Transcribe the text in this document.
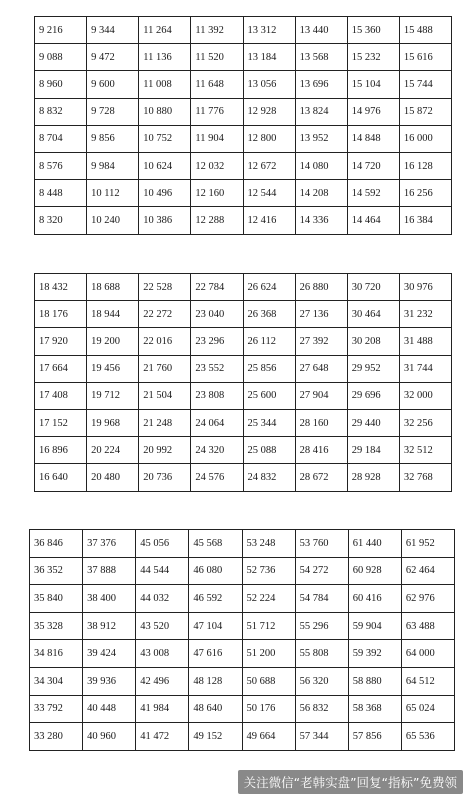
9 216	9 344	11 264	11 392	13 312	13 440	15 360	15 488
9 088	9 472	11 136	11 520	13 184	13 568	15 232	15 616
8 960	9 600	11 008	11 648	13 056	13 696	15 104	15 744
8 832	9 728	10 880	11 776	12 928	13 824	14 976	15 872
8 704	9 856	10 752	11 904	12 800	13 952	14 848	16 000
8 576	9 984	10 624	12 032	12 672	14 080	14 720	16 128
8 448	10 112	10 496	12 160	12 544	14 208	14 592	16 256
8 320	10 240	10 386	12 288	12 416	14 336	14 464	16 384
18 432	18 688	22 528	22 784	26 624	26 880	30 720	30 976
18 176	18 944	22 272	23 040	26 368	27 136	30 464	31 232
17 920	19 200	22 016	23 296	26 112	27 392	30 208	31 488
17 664	19 456	21 760	23 552	25 856	27 648	29 952	31 744
17 408	19 712	21 504	23 808	25 600	27 904	29 696	32 000
17 152	19 968	21 248	24 064	25 344	28 160	29 440	32 256
16 896	20 224	20 992	24 320	25 088	28 416	29 184	32 512
16 640	20 480	20 736	24 576	24 832	28 672	28 928	32 768
36 846	37 376	45 056	45 568	53 248	53 760	61 440	61 952
36 352	37 888	44 544	46 080	52 736	54 272	60 928	62 464
35 840	38 400	44 032	46 592	52 224	54 784	60 416	62 976
35 328	38 912	43 520	47 104	51 712	55 296	59 904	63 488
34 816	39 424	43 008	47 616	51 200	55 808	59 392	64 000
34 304	39 936	42 496	48 128	50 688	56 320	58 880	64 512
33 792	40 448	41 984	48 640	50 176	56 832	58 368	65 024
33 280	40 960	41 472	49 152	49 664	57 344	57 856	65 536
关注微信“老韩实盘”回复“指标”免费领
